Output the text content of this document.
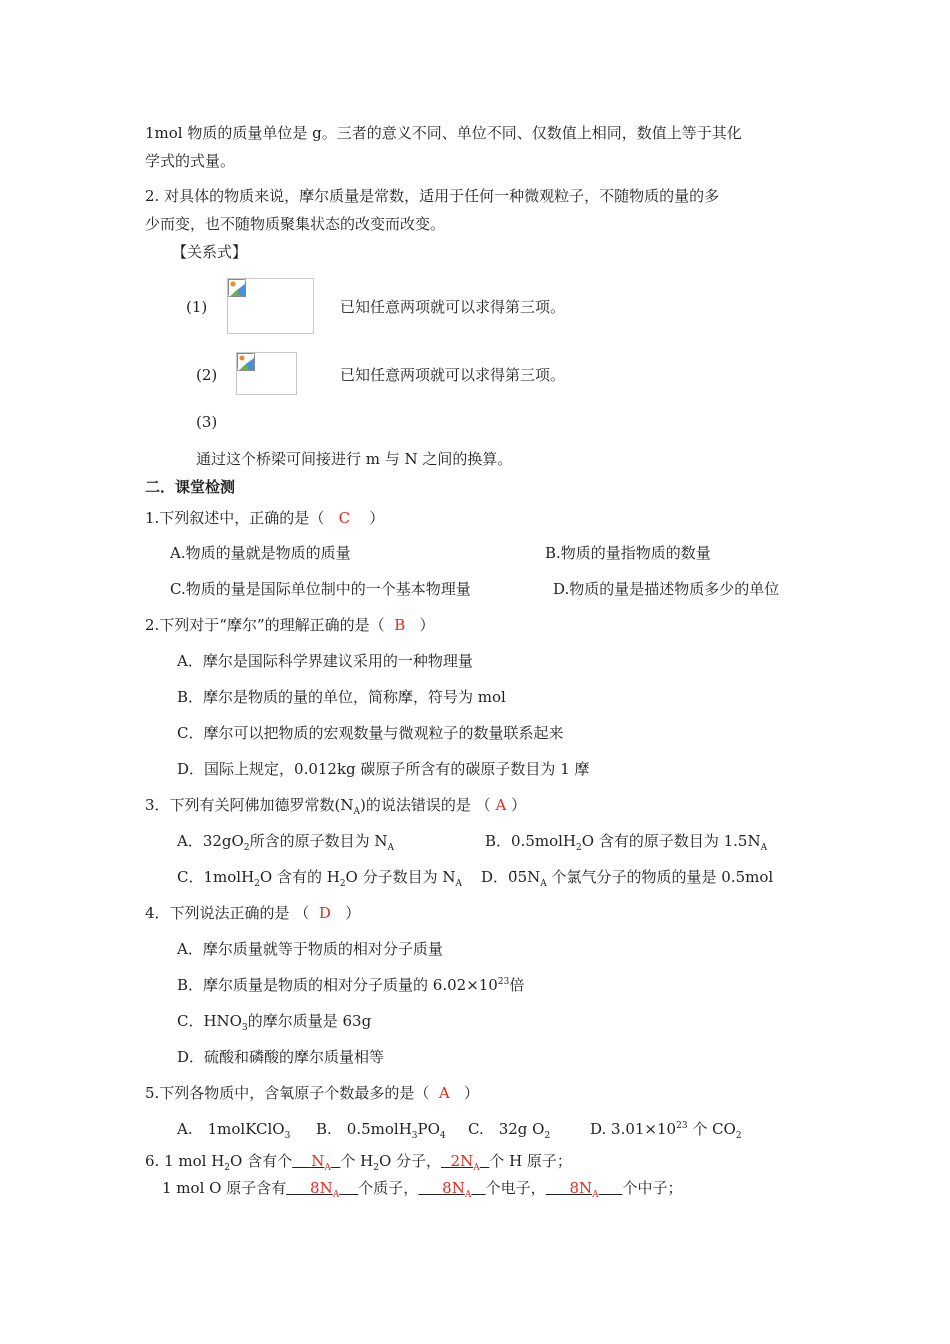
1mol 物质的质量单位是 g。三者的意义不同、单位不同、仅数值上相同，数值上等于其化
学式的式量。
2. 对具体的物质来说，摩尔质量是常数，适用于任何一种微观粒子，不随物质的量的多
少而变，也不随物质聚集状态的改变而改变。
【关系式】
(1)	已知任意两项就可以求得第三项。
(2)	已知任意两项就可以求得第三项。
(3)
通过这个桥梁可间接进行 m 与 N 之间的换算。
二．课堂检测
1.下列叙述中，正确的是（ C ）
A.物质的量就是物质的质量	B.物质的量指物质的数量
C.物质的量是国际单位制中的一个基本物理量	D.物质的量是描述物质多少的单位
2.下列对于“摩尔”的理解正确的是（ B ）
A．摩尔是国际科学界建议采用的一种物理量
B．摩尔是物质的量的单位，简称摩，符号为 mol
C．摩尔可以把物质的宏观数量与微观粒子的数量联系起来
D．国际上规定，0.012kg 碳原子所含有的碳原子数目为 1 摩
3．下列有关阿佛加德罗常数$(N_A)$的说法错误的是 （ A ）
A．$32gO_2$所含的原子数目为 $N_A$	B．0.5molH$_2$O 含有的原子数目为 $1.5N_A$
C．1molH$_2$O 含有的 $H_2O$ 分子数目为 $N_A$ D．$0̄5N_A$ 个氯气分子的物质的量是 0.5mol
4．下列说法正确的是 （ D ）
A．摩尔质量就等于物质的相对分子质量
B．摩尔质量是物质的相对分子质量的 $6.02\times 10^{23}$倍
C．$HNO_3$的摩尔质量是 63g
D．硫酸和磷酸的摩尔质量相等
5.下列各物质中，含氧原子个数最多的是（ A ）
A.　1molKClO$_3$ B.　$0.5molH_3PO_4$ C.　32g $O_2$	D. $3.01\times 10^{23}$ 个 $CO_2$
6. 1 mol $H_2O$ 含有个 $N_A$ 个 $H_2O$ 分子， $2N_A$ 个 H 原子；
1 mol O 原子含有 $8N_A$ 个质子， $8N_A$ 个电子， $8N_A$ 个中子；
